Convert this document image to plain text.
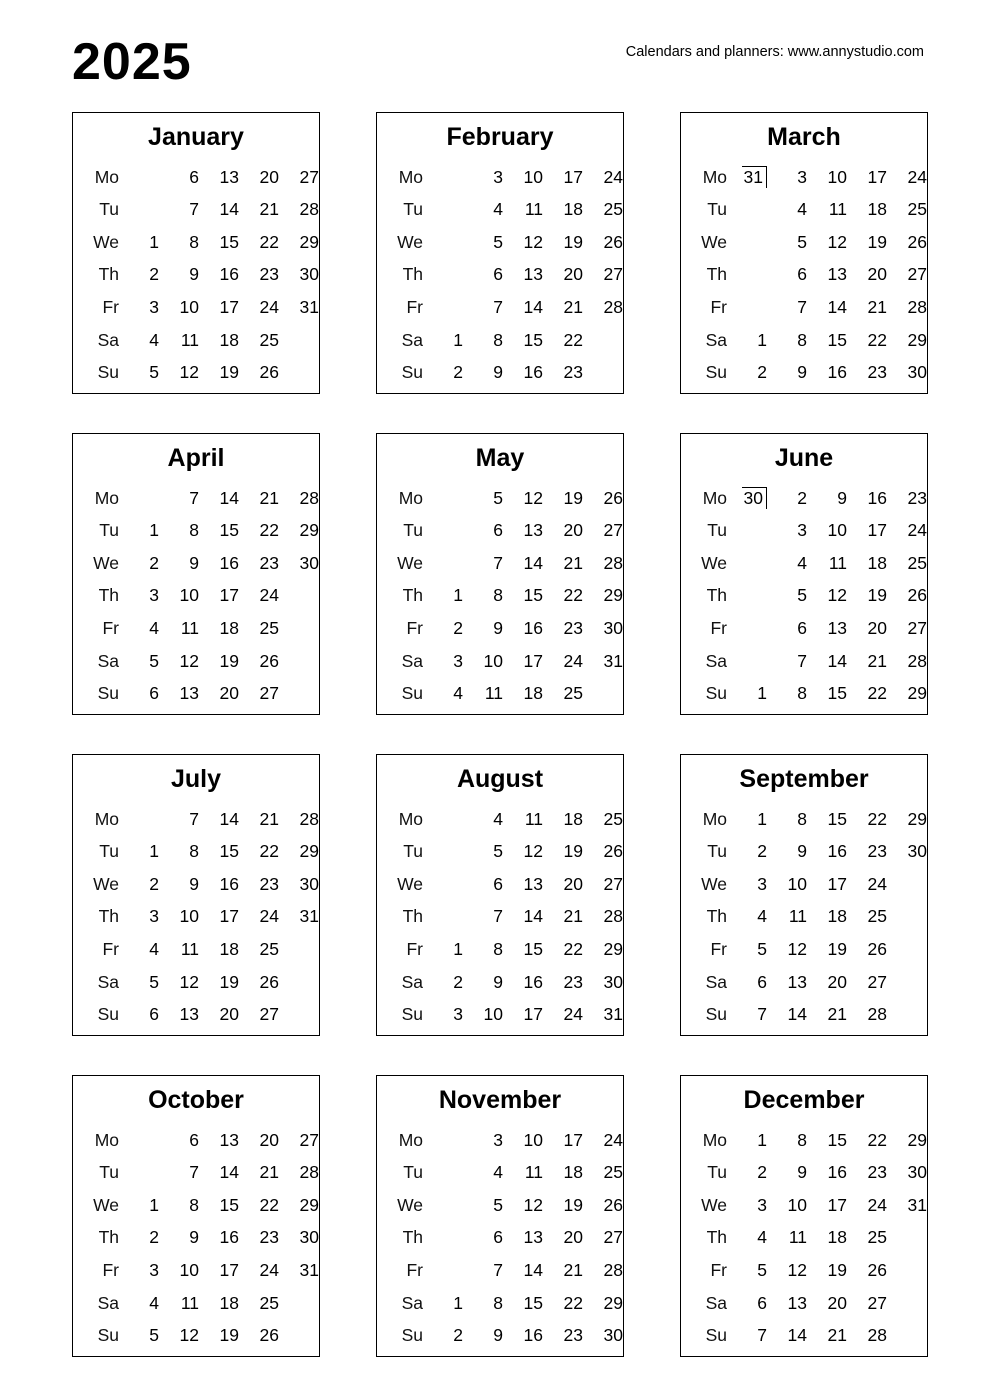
2025	Calendars and planners: www.annystudio.com
January
Mo		6	13	20	27
Tu		7	14	21	28
We	1	8	15	22	29
Th	2	9	16	23	30
Fr	3	10	17	24	31
Sa	4	11	18	25	
Su	5	12	19	26	
February
Mo		3	10	17	24
Tu		4	11	18	25
We		5	12	19	26
Th		6	13	20	27
Fr		7	14	21	28
Sa	1	8	15	22	
Su	2	9	16	23	
March
Mo	31	3	10	17	24
Tu		4	11	18	25
We		5	12	19	26
Th		6	13	20	27
Fr		7	14	21	28
Sa	1	8	15	22	29
Su	2	9	16	23	30
April
Mo		7	14	21	28
Tu	1	8	15	22	29
We	2	9	16	23	30
Th	3	10	17	24	
Fr	4	11	18	25	
Sa	5	12	19	26	
Su	6	13	20	27	
May
Mo		5	12	19	26
Tu		6	13	20	27
We		7	14	21	28
Th	1	8	15	22	29
Fr	2	9	16	23	30
Sa	3	10	17	24	31
Su	4	11	18	25	
June
Mo	30	2	9	16	23
Tu		3	10	17	24
We		4	11	18	25
Th		5	12	19	26
Fr		6	13	20	27
Sa		7	14	21	28
Su	1	8	15	22	29
July
Mo		7	14	21	28
Tu	1	8	15	22	29
We	2	9	16	23	30
Th	3	10	17	24	31
Fr	4	11	18	25	
Sa	5	12	19	26	
Su	6	13	20	27	
August
Mo		4	11	18	25
Tu		5	12	19	26
We		6	13	20	27
Th		7	14	21	28
Fr	1	8	15	22	29
Sa	2	9	16	23	30
Su	3	10	17	24	31
September
Mo	1	8	15	22	29
Tu	2	9	16	23	30
We	3	10	17	24	
Th	4	11	18	25	
Fr	5	12	19	26	
Sa	6	13	20	27	
Su	7	14	21	28	
October
Mo		6	13	20	27
Tu		7	14	21	28
We	1	8	15	22	29
Th	2	9	16	23	30
Fr	3	10	17	24	31
Sa	4	11	18	25	
Su	5	12	19	26	
November
Mo		3	10	17	24
Tu		4	11	18	25
We		5	12	19	26
Th		6	13	20	27
Fr		7	14	21	28
Sa	1	8	15	22	29
Su	2	9	16	23	30
December
Mo	1	8	15	22	29
Tu	2	9	16	23	30
We	3	10	17	24	31
Th	4	11	18	25	
Fr	5	12	19	26	
Sa	6	13	20	27	
Su	7	14	21	28	
